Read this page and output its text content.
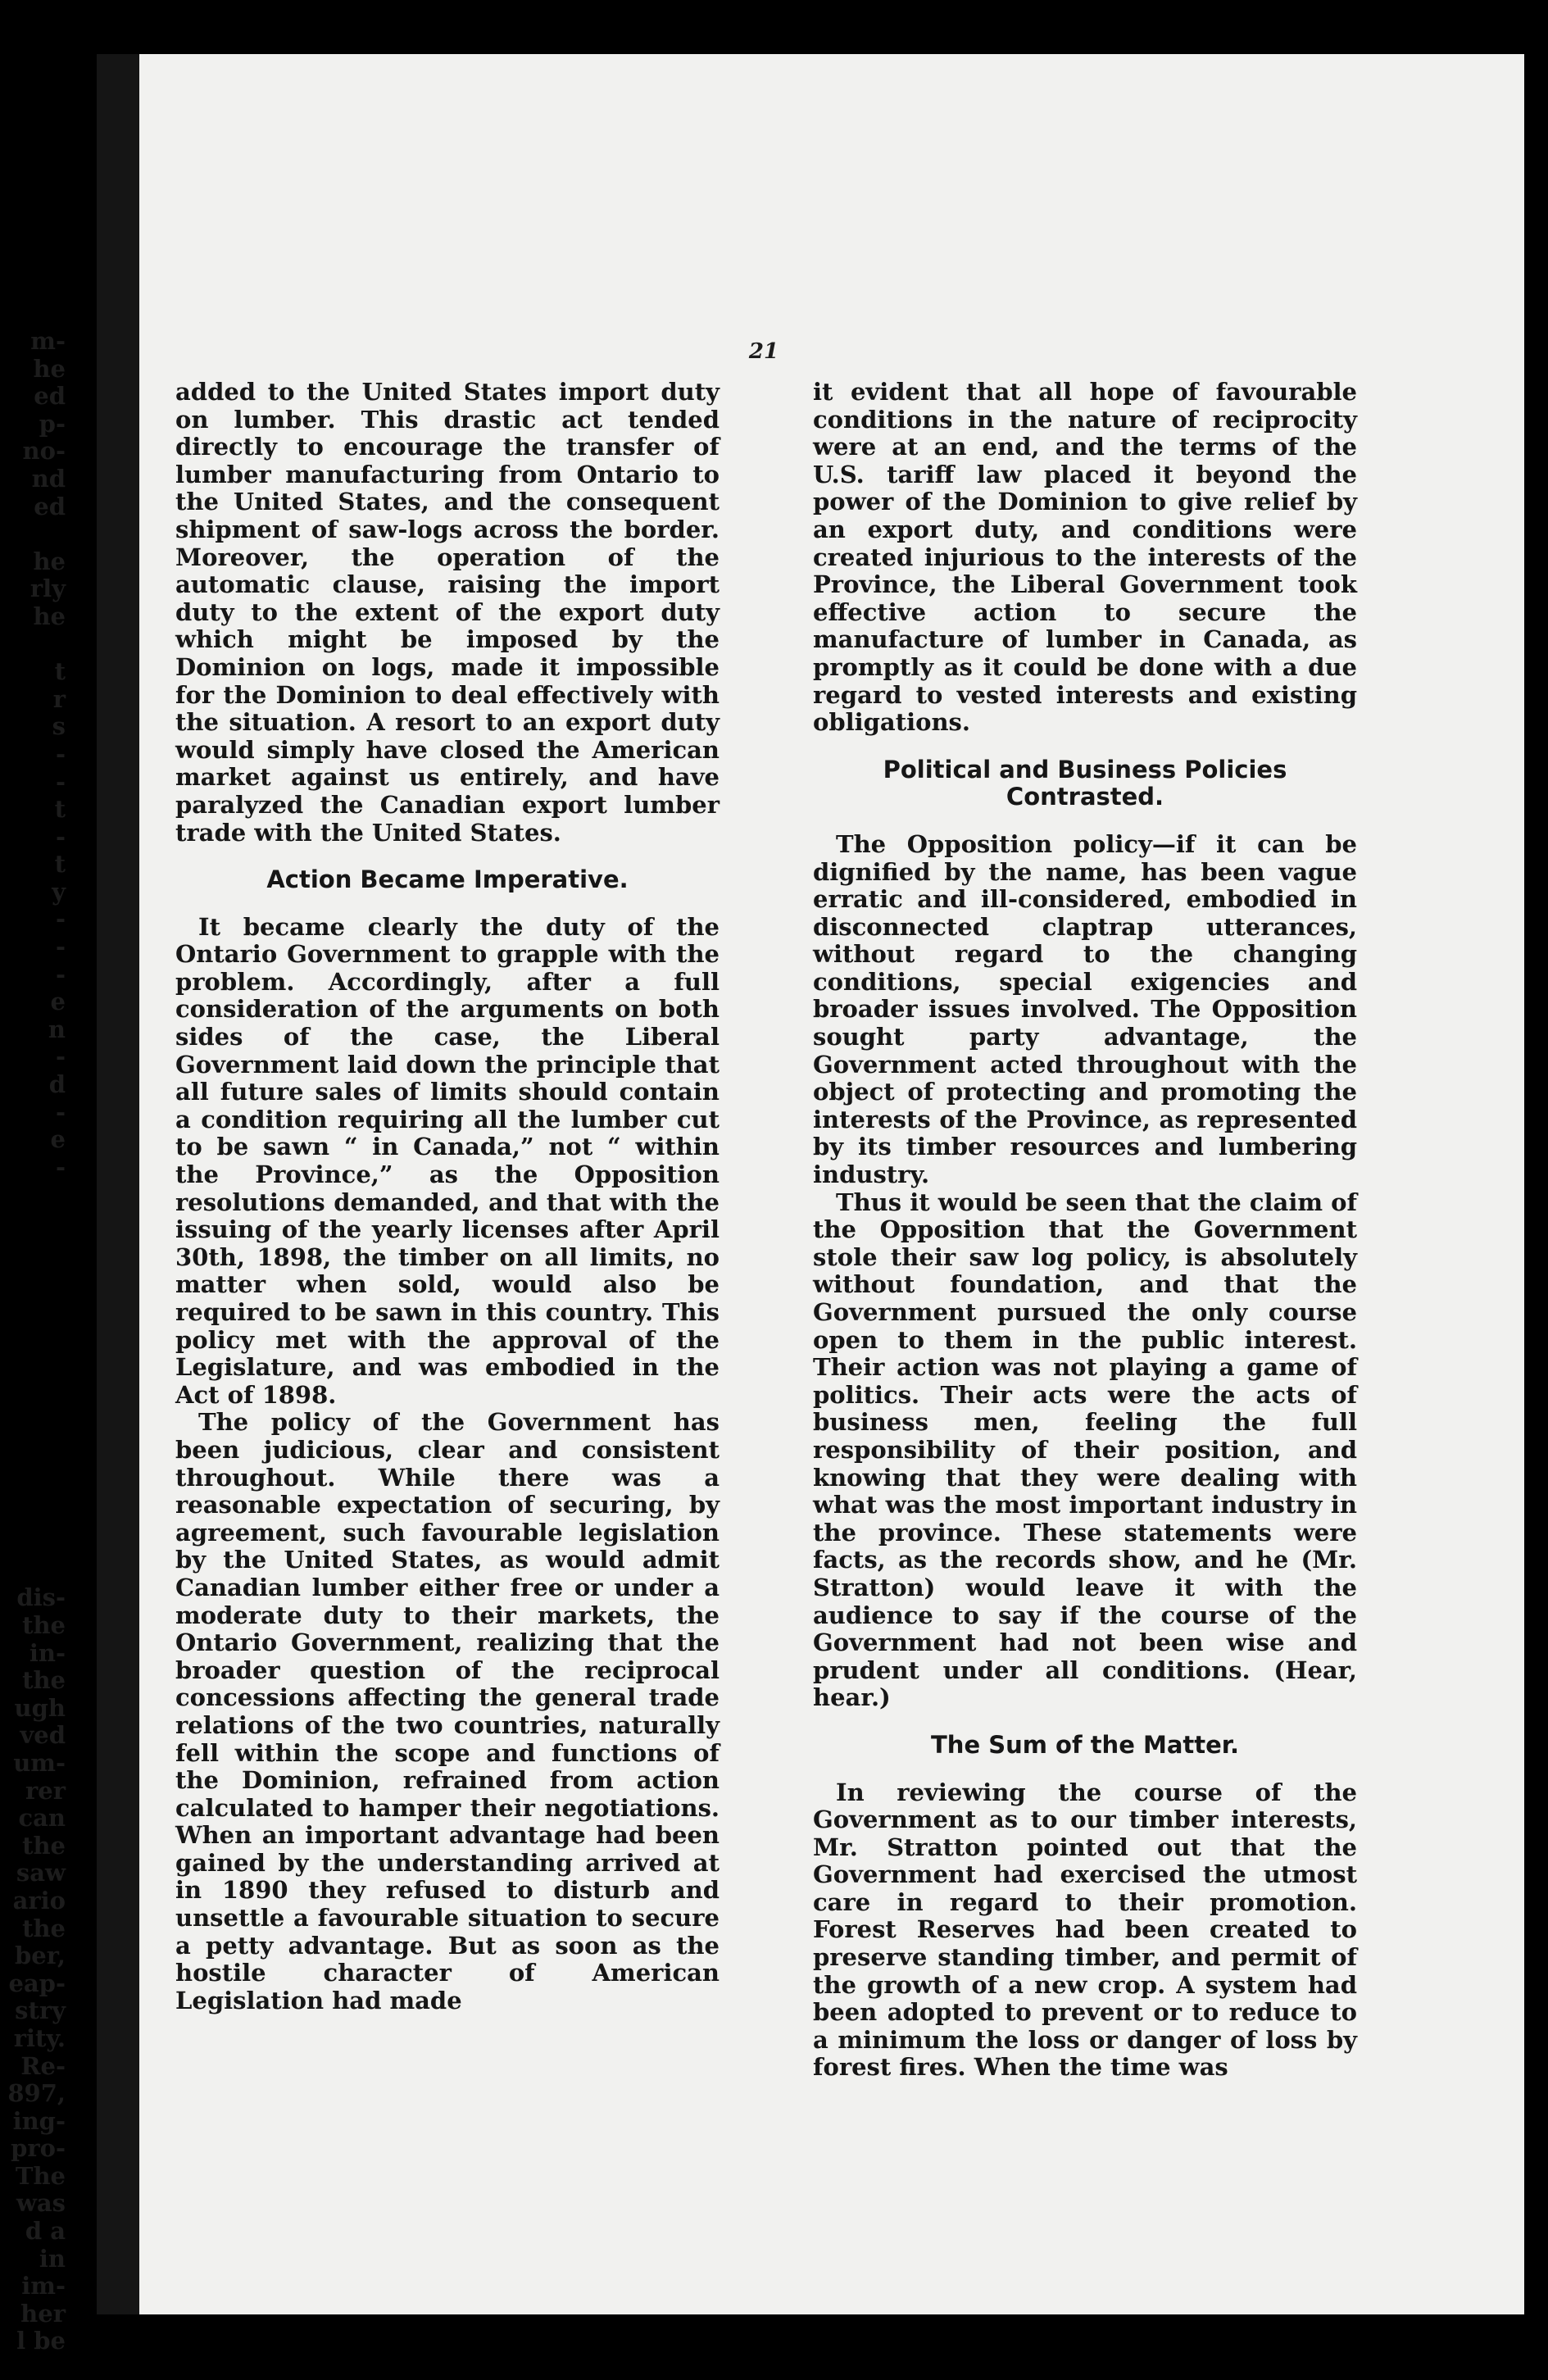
m-
he
ed
p-
no-
nd
ed

he
rly
he

t
r
s
-
-
t
-
t
y
-
-
-
e
n
-
d
-
e
-
dis-
the
in-
the
ugh
ved
um-
rer
can
the
saw
ario
the
ber,
eap-
stry
rity.
Re-
897,
ing-
pro-
The
was
d a
in
im-
her
l be
21

added to the United States import duty on lumber. This drastic act tended directly to encourage the transfer of lumber manufacturing from Ontario to the United States, and the consequent shipment of saw-logs across the border. Moreover, the operation of the automatic clause, raising the import duty to the extent of the export duty which might be imposed by the Dominion on logs, made it impossible for the Dominion to deal effectively with the situation. A resort to an export duty would simply have closed the American market against us entirely, and have paralyzed the Canadian export lumber trade with the United States.

Action Became Imperative.

It became clearly the duty of the Ontario Government to grapple with the problem. Accordingly, after a full consideration of the arguments on both sides of the case, the Liberal Government laid down the principle that all future sales of limits should contain a condition requiring all the lumber cut to be sawn “ in Canada,” not “ within the Province,” as the Opposition resolutions demanded, and that with the issuing of the yearly licenses after April 30th, 1898, the timber on all limits, no matter when sold, would also be required to be sawn in this country. This policy met with the approval of the Legislature, and was embodied in the Act of 1898.

The policy of the Government has been judicious, clear and consistent throughout. While there was a reasonable expectation of securing, by agreement, such favourable legislation by the United States, as would admit Canadian lumber either free or under a moderate duty to their markets, the Ontario Government, realizing that the broader question of the reciprocal concessions affecting the general trade relations of the two countries, naturally fell within the scope and functions of the Dominion, refrained from action calculated to hamper their negotiations. When an important advantage had been gained by the understanding arrived at in 1890 they refused to disturb and unsettle a favourable situation to secure a petty advantage. But as soon as the hostile character of American Legislation had made

it evident that all hope of favourable conditions in the nature of reciprocity were at an end, and the terms of the U.S. tariff law placed it beyond the power of the Dominion to give relief by an export duty, and conditions were created injurious to the interests of the Province, the Liberal Government took effective action to secure the manufacture of lumber in Canada, as promptly as it could be done with a due regard to vested interests and existing obligations.

Political and Business Policies
Contrasted.

The Opposition policy—if it can be dignified by the name, has been vague erratic and ill-considered, embodied in disconnected claptrap utterances, without regard to the changing conditions, special exigencies and broader issues involved. The Opposition sought party advantage, the Government acted throughout with the object of protecting and promoting the interests of the Province, as represented by its timber resources and lumbering industry.

Thus it would be seen that the claim of the Opposition that the Government stole their saw log policy, is absolutely without foundation, and that the Government pursued the only course open to them in the public interest. Their action was not playing a game of politics. Their acts were the acts of business men, feeling the full responsibility of their position, and knowing that they were dealing with what was the most important industry in the province. These statements were facts, as the records show, and he (Mr. Stratton) would leave it with the audience to say if the course of the Government had not been wise and prudent under all conditions. (Hear, hear.)

The Sum of the Matter.

In reviewing the course of the Government as to our timber interests, Mr. Stratton pointed out that the Government had exercised the utmost care in regard to their promotion. Forest Reserves had been created to preserve standing timber, and permit of the growth of a new crop. A system had been adopted to prevent or to reduce to a minimum the loss or danger of loss by forest fires. When the time was
